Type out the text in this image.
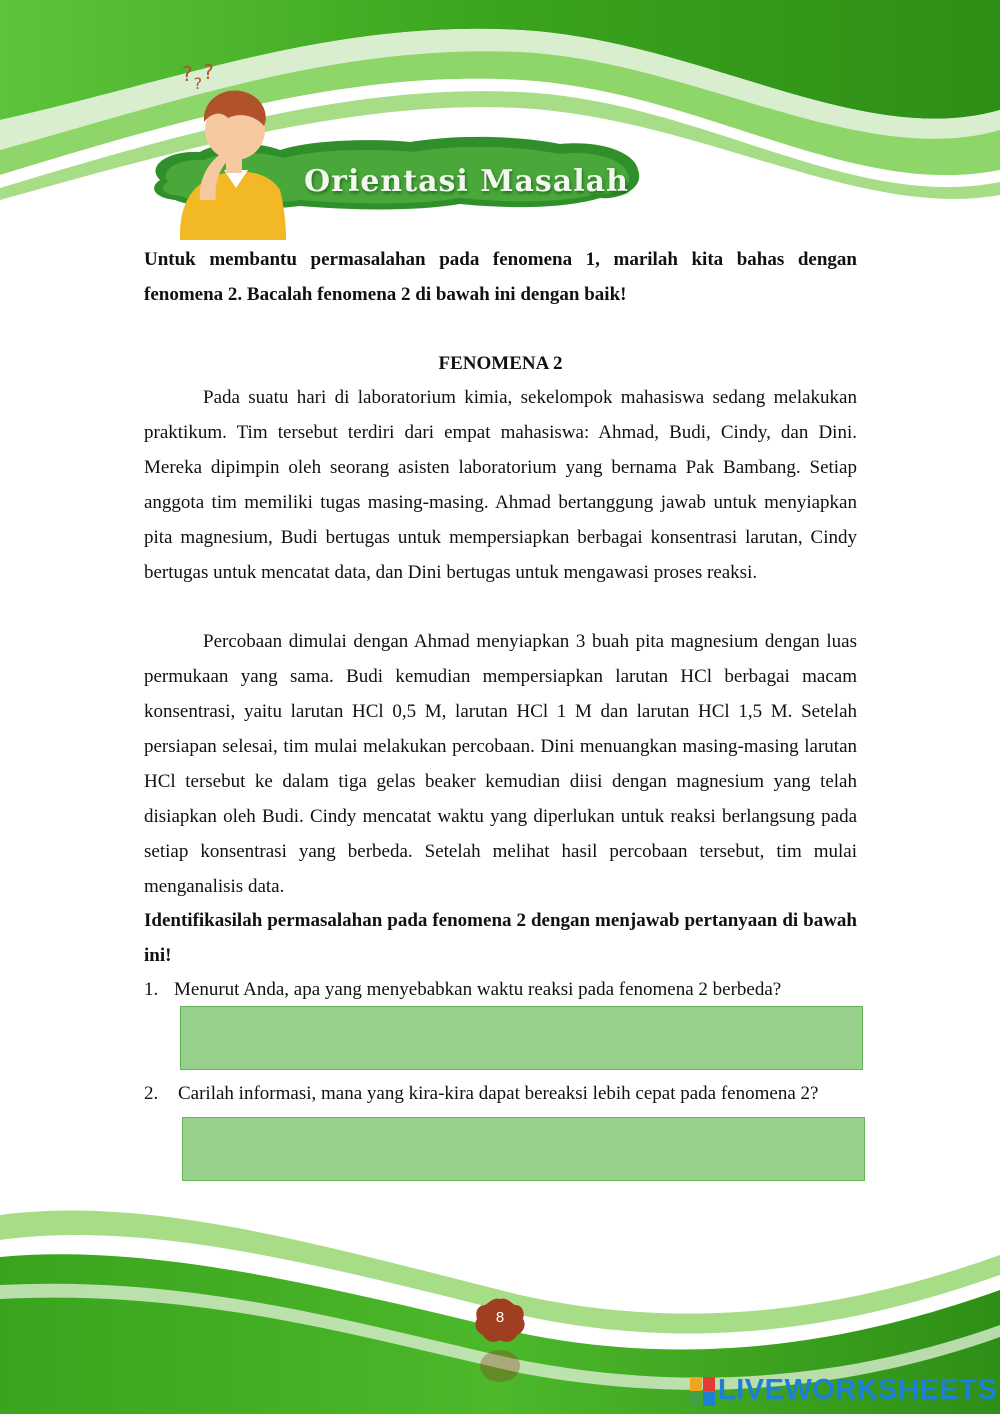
$?_?$?
Orientasi Masalah
Untuk membantu permasalahan pada fenomena 1, marilah kita bahas dengan fenomena 2. Bacalah fenomena 2 di bawah ini dengan baik!
FENOMENA 2

Pada suatu hari di laboratorium kimia, sekelompok mahasiswa sedang melakukan praktikum. Tim tersebut terdiri dari empat mahasiswa: Ahmad, Budi, Cindy, dan Dini. Mereka dipimpin oleh seorang asisten laboratorium yang bernama Pak Bambang. Setiap anggota tim memiliki tugas masing-masing. Ahmad bertanggung jawab untuk menyiapkan pita magnesium, Budi bertugas untuk mempersiapkan berbagai konsentrasi larutan, Cindy bertugas untuk mencatat data, dan Dini bertugas untuk mengawasi proses reaksi.

Percobaan dimulai dengan Ahmad menyiapkan 3 buah pita magnesium dengan luas permukaan yang sama. Budi kemudian mempersiapkan larutan HCl berbagai macam konsentrasi, yaitu larutan HCl 0,5 M, larutan HCl 1 M dan larutan HCl 1,5 M. Setelah persiapan selesai, tim mulai melakukan percobaan. Dini menuangkan masing-masing larutan HCl tersebut ke dalam tiga gelas beaker kemudian diisi dengan magnesium yang telah disiapkan oleh Budi. Cindy mencatat waktu yang diperlukan untuk reaksi berlangsung pada setiap konsentrasi yang berbeda. Setelah melihat hasil percobaan tersebut, tim mulai menganalisis data.

Identifikasilah permasalahan pada fenomena 2 dengan menjawab pertanyaan di bawah ini!
1. Menurut Anda, apa yang menyebabkan waktu reaksi pada fenomena 2 berbeda?
2. Carilah informasi, mana yang kira-kira dapat bereaksi lebih cepat pada fenomena 2?
8
LIVEWORKSHEETS
